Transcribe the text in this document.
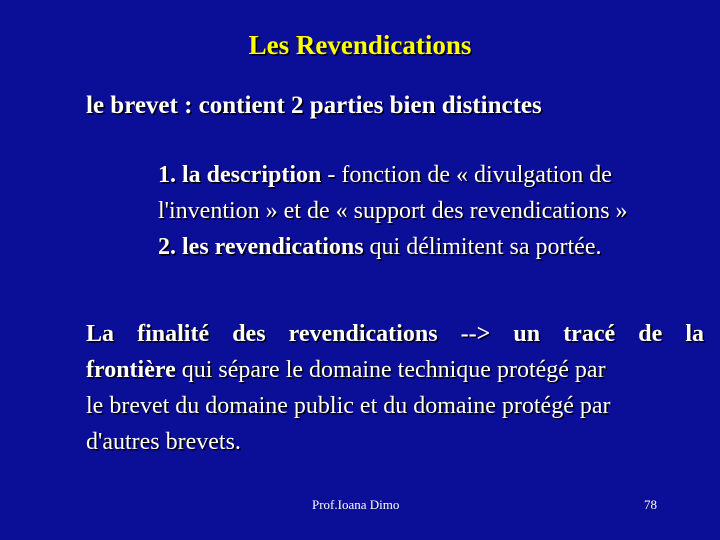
Les Revendications
le brevet : contient 2 parties bien distinctes

1. la description - fonction de « divulgation de

l'invention » et de « support des revendications »

2. les revendications qui délimitent sa portée.

La finalité des revendications --> un tracé de la

frontière qui sépare le domaine technique protégé par

le brevet du domaine public et du domaine protégé par

d'autres brevets.

Prof.Ioana Dimo	78
